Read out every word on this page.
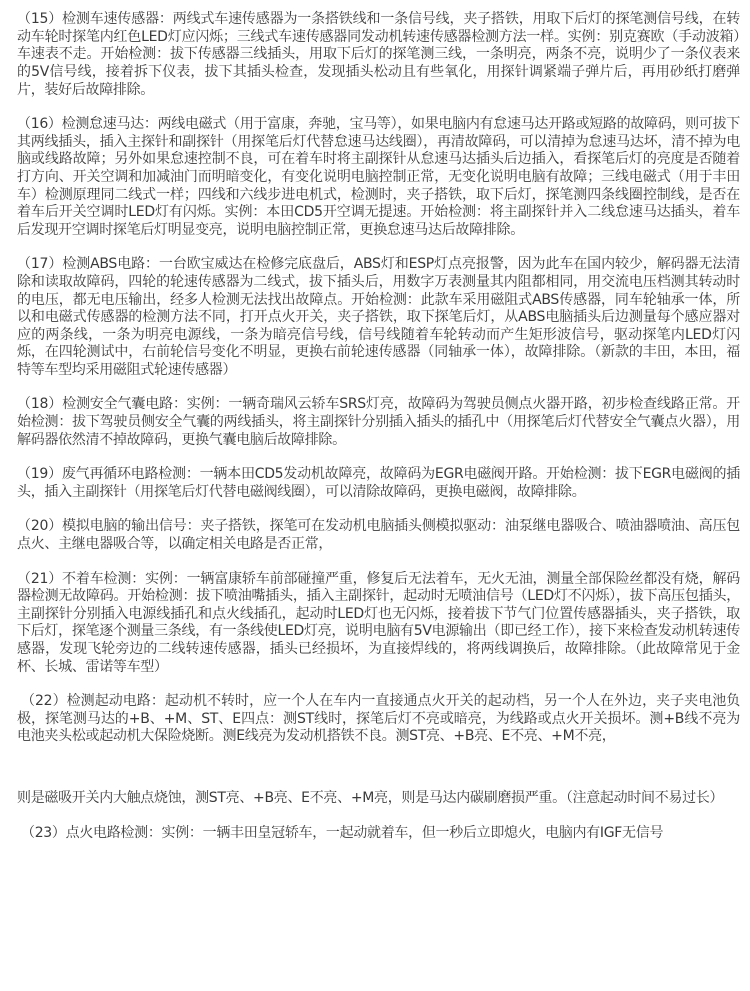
（15）检测车速传感器：两线式车速传感器为一条搭铁线和一条信号线，夹子搭铁，用取下后灯的探笔测信号线，在转动车轮时探笔内红色LED灯应闪烁；三线式车速传感器同发动机转速传感器检测方法一样。实例：别克赛欧（手动波箱）车速表不走。开始检测：拔下传感器三线插头，用取下后灯的探笔测三线，一条明亮，两条不亮，说明少了一条仪表来的5V信号线，接着拆下仪表，拔下其插头检查，发现插头松动且有些氧化，用探针调紧端子弹片后，再用砂纸打磨弹片，装好后故障排除。

（16）检测怠速马达：两线电磁式（用于富康，奔驰，宝马等），如果电脑内有怠速马达开路或短路的故障码，则可拔下其两线插头，插入主探针和副探针（用探笔后灯代替怠速马达线圈），再清故障码，可以清掉为怠速马达坏，清不掉为电脑或线路故障；另外如果怠速控制不良，可在着车时将主副探针从怠速马达插头后边插入，看探笔后灯的亮度是否随着打方向、开关空调和加减油门而明暗变化，有变化说明电脑控制正常，无变化说明电脑有故障；三线电磁式（用于丰田车）检测原理同二线式一样；四线和六线步进电机式，检测时，夹子搭铁，取下后灯，探笔测四条线圈控制线，是否在着车后开关空调时LED灯有闪烁。实例：本田CD5开空调无提速。开始检测：将主副探针并入二线怠速马达插头，着车后发现开空调时探笔后灯明显变亮，说明电脑控制正常，更换怠速马达后故障排除。

（17）检测ABS电路：一台欧宝威达在检修完底盘后，ABS灯和ESP灯点亮报警，因为此车在国内较少，解码器无法清除和读取故障码，四轮的轮速传感器为二线式，拔下插头后，用数字万表测量其内阻都相同，用交流电压档测其转动时的电压，都无电压输出，经多人检测无法找出故障点。开始检测：此款车采用磁阻式ABS传感器，同车轮轴承一体，所以和电磁式传感器的检测方法不同，打开点火开关，夹子搭铁，取下探笔后灯，从ABS电脑插头后边测量每个感应器对应的两条线，一条为明亮电源线，一条为暗亮信号线，信号线随着车轮转动而产生矩形波信号，驱动探笔内LED灯闪烁，在四轮测试中，右前轮信号变化不明显，更换右前轮速传感器（同轴承一体），故障排除。（新款的丰田，本田，福特等车型均采用磁阻式轮速传感器）

（18）检测安全气囊电路：实例：一辆奇瑞风云轿车SRS灯亮，故障码为驾驶员侧点火器开路，初步检查线路正常。开始检测：拔下驾驶员侧安全气囊的两线插头，将主副探针分别插入插头的插孔中（用探笔后灯代替安全气囊点火器），用解码器依然清不掉故障码，更换气囊电脑后故障排除。

（19）废气再循环电路检测：一辆本田CD5发动机故障亮，故障码为EGR电磁阀开路。开始检测：拔下EGR电磁阀的插头，插入主副探针（用探笔后灯代替电磁阀线圈），可以清除故障码，更换电磁阀，故障排除。

（20）模拟电脑的输出信号：夹子搭铁，探笔可在发动机电脑插头侧模拟驱动：油泵继电器吸合、喷油器喷油、高压包点火、主继电器吸合等，以确定相关电路是否正常，

（21）不着车检测：实例：一辆富康轿车前部碰撞严重，修复后无法着车，无火无油，测量全部保险丝都没有烧，解码器检测无故障码。开始检测：拔下喷油嘴插头，插入主副探针，起动时无喷油信号（LED灯不闪烁），拔下高压包插头，主副探针分别插入电源线插孔和点火线插孔，起动时LED灯也无闪烁，接着拔下节气门位置传感器插头，夹子搭铁，取下后灯，探笔逐个测量三条线，有一条线使LED灯亮，说明电脑有5V电源输出（即已经工作），接下来检查发动机转速传感器，发现飞轮旁边的二线转速传感器，插头已经损坏，为直接焊线的，将两线调换后，故障排除。（此故障常见于金杯、长城、雷诺等车型）

（22）检测起动电路：起动机不转时，应一个人在车内一直接通点火开关的起动档，另一个人在外边，夹子夹电池负极，探笔测马达的+B、+M、ST、E四点：测ST线时，探笔后灯不亮或暗亮，为线路或点火开关损坏。测+B线不亮为电池夹头松或起动机大保险烧断。测E线亮为发动机搭铁不良。测ST亮、+B亮、E不亮、+M不亮，

则是磁吸开关内大触点烧蚀，测ST亮、+B亮、E不亮、+M亮，则是马达内碳刷磨损严重。（注意起动时间不易过长）

（23）点火电路检测：实例：一辆丰田皇冠轿车，一起动就着车，但一秒后立即熄火，电脑内有IGF无信号
